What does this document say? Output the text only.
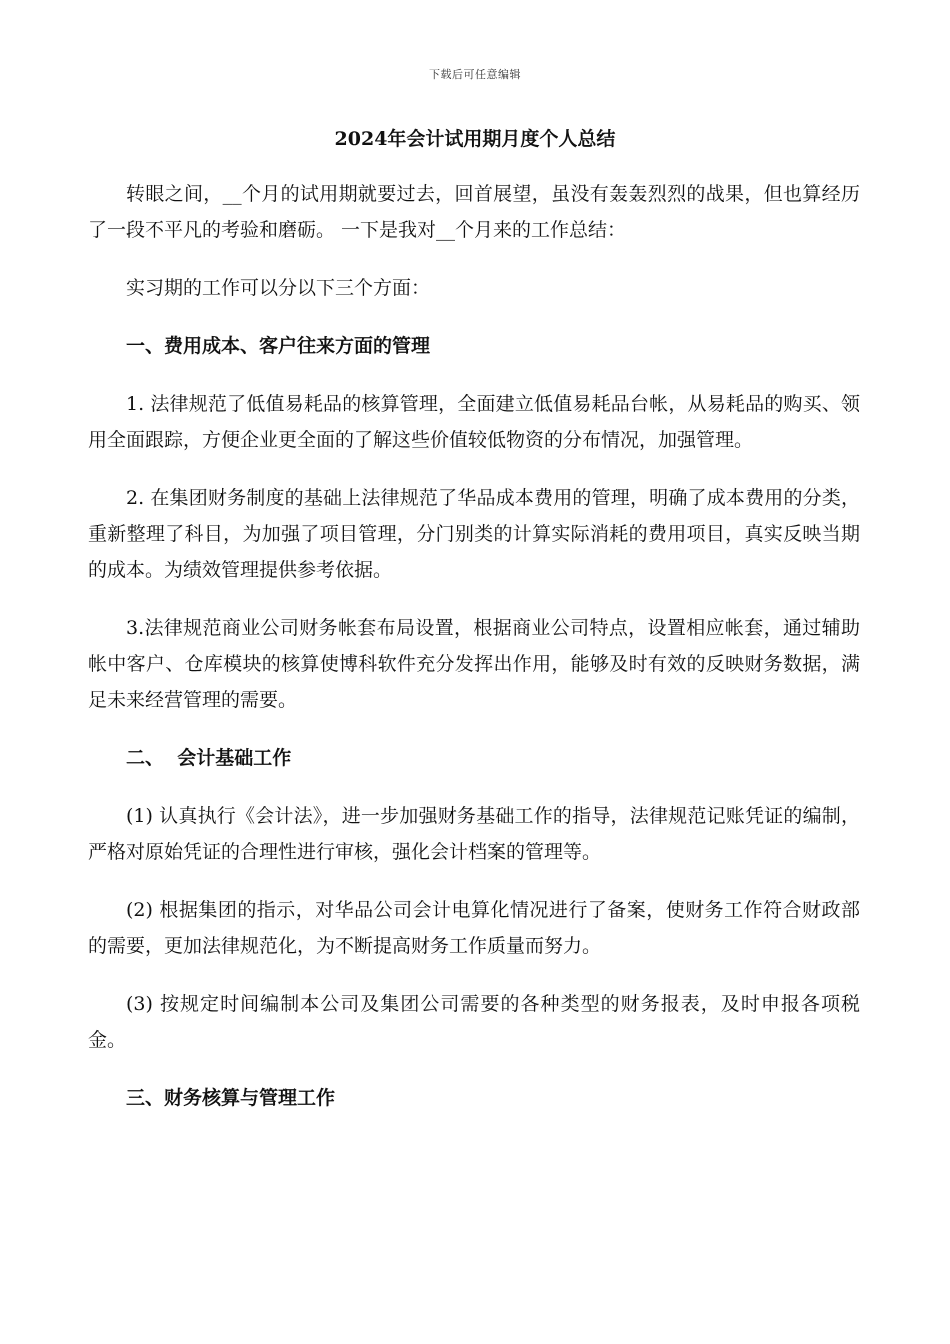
下载后可任意编辑
2024年会计试用期月度个人总结

转眼之间，__个月的试用期就要过去，回首展望，虽没有轰轰烈烈的战果，但也算经历了一段不平凡的考验和磨砺。 一下是我对__个月来的工作总结：

实习期的工作可以分以下三个方面：

一、费用成本、客户往来方面的管理

1. 法律规范了低值易耗品的核算管理，全面建立低值易耗品台帐，从易耗品的购买、领用全面跟踪，方便企业更全面的了解这些价值较低物资的分布情况，加强管理。

2. 在集团财务制度的基础上法律规范了华品成本费用的管理，明确了成本费用的分类，重新整理了科目，为加强了项目管理，分门别类的计算实际消耗的费用项目，真实反映当期的成本。为绩效管理提供参考依据。

3.法律规范商业公司财务帐套布局设置，根据商业公司特点，设置相应帐套，通过辅助帐中客户、仓库模块的核算使博科软件充分发挥出作用，能够及时有效的反映财务数据，满足未来经营管理的需要。

二、  会计基础工作

(1) 认真执行《会计法》，进一步加强财务基础工作的指导，法律规范记账凭证的编制，严格对原始凭证的合理性进行审核，强化会计档案的管理等。

(2) 根据集团的指示，对华品公司会计电算化情况进行了备案，使财务工作符合财政部的需要，更加法律规范化，为不断提高财务工作质量而努力。

(3) 按规定时间编制本公司及集团公司需要的各种类型的财务报表，及时申报各项税金。

三、财务核算与管理工作
